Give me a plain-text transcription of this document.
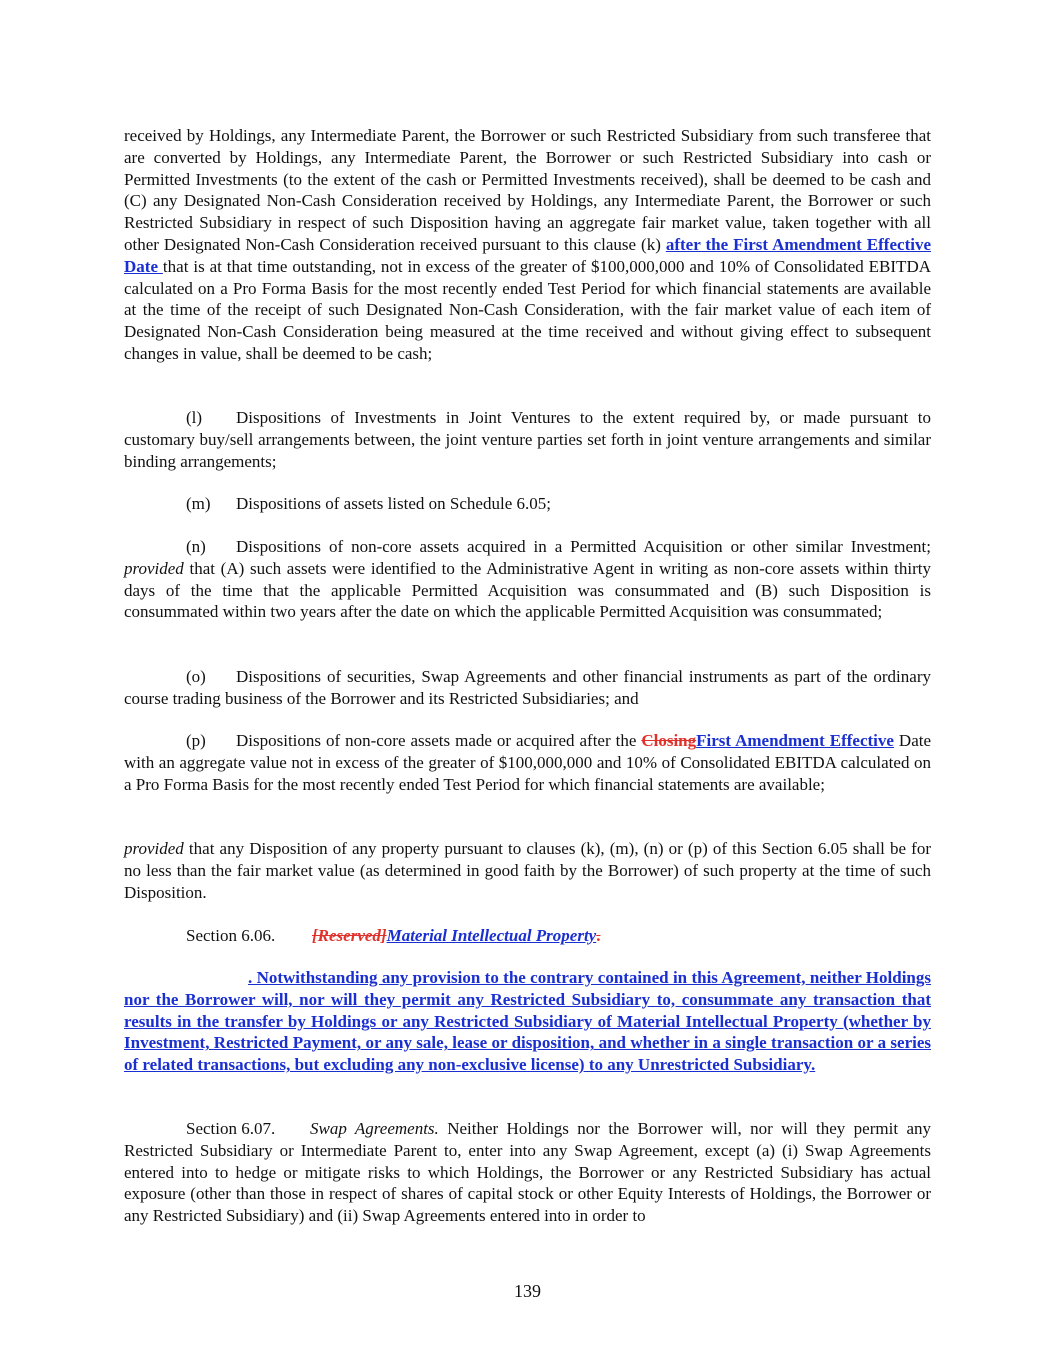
received by Holdings, any Intermediate Parent, the Borrower or such Restricted Subsidiary from such transferee that are converted by Holdings, any Intermediate Parent, the Borrower or such Restricted Subsidiary into cash or Permitted Investments (to the extent of the cash or Permitted Investments received), shall be deemed to be cash and (C) any Designated Non-Cash Consideration received by Holdings, any Intermediate Parent, the Borrower or such Restricted Subsidiary in respect of such Disposition having an aggregate fair market value, taken together with all other Designated Non-Cash Consideration received pursuant to this clause (k) after the First Amendment Effective Date that is at that time outstanding, not in excess of the greater of $100,000,000 and 10% of Consolidated EBITDA calculated on a Pro Forma Basis for the most recently ended Test Period for which financial statements are available at the time of the receipt of such Designated Non-Cash Consideration, with the fair market value of each item of Designated Non-Cash Consideration being measured at the time received and without giving effect to subsequent changes in value, shall be deemed to be cash;

(l) Dispositions of Investments in Joint Ventures to the extent required by, or made pursuant to customary buy/sell arrangements between, the joint venture parties set forth in joint venture arrangements and similar binding arrangements;

(m) Dispositions of assets listed on Schedule 6.05;

(n) Dispositions of non-core assets acquired in a Permitted Acquisition or other similar Investment; provided that (A) such assets were identified to the Administrative Agent in writing as non-core assets within thirty days of the time that the applicable Permitted Acquisition was consummated and (B) such Disposition is consummated within two years after the date on which the applicable Permitted Acquisition was consummated;

(o) Dispositions of securities, Swap Agreements and other financial instruments as part of the ordinary course trading business of the Borrower and its Restricted Subsidiaries; and

(p) Dispositions of non-core assets made or acquired after the ClosingFirst Amendment Effective Date with an aggregate value not in excess of the greater of $100,000,000 and 10% of Consolidated EBITDA calculated on a Pro Forma Basis for the most recently ended Test Period for which financial statements are available;

provided that any Disposition of any property pursuant to clauses (k), (m), (n) or (p) of this Section 6.05 shall be for no less than the fair market value (as determined in good faith by the Borrower) of such property at the time of such Disposition.

Section 6.06. [Reserved]Material Intellectual Property.

. Notwithstanding any provision to the contrary contained in this Agreement, neither Holdings nor the Borrower will, nor will they permit any Restricted Subsidiary to, consummate any transaction that results in the transfer by Holdings or any Restricted Subsidiary of Material Intellectual Property (whether by Investment, Restricted Payment, or any sale, lease or disposition, and whether in a single transaction or a series of related transactions, but excluding any non-exclusive license) to any Unrestricted Subsidiary.

Section 6.07. Swap Agreements. Neither Holdings nor the Borrower will, nor will they permit any Restricted Subsidiary or Intermediate Parent to, enter into any Swap Agreement, except (a) (i) Swap Agreements entered into to hedge or mitigate risks to which Holdings, the Borrower or any Restricted Subsidiary has actual exposure (other than those in respect of shares of capital stock or other Equity Interests of Holdings, the Borrower or any Restricted Subsidiary) and (ii) Swap Agreements entered into in order to

139
